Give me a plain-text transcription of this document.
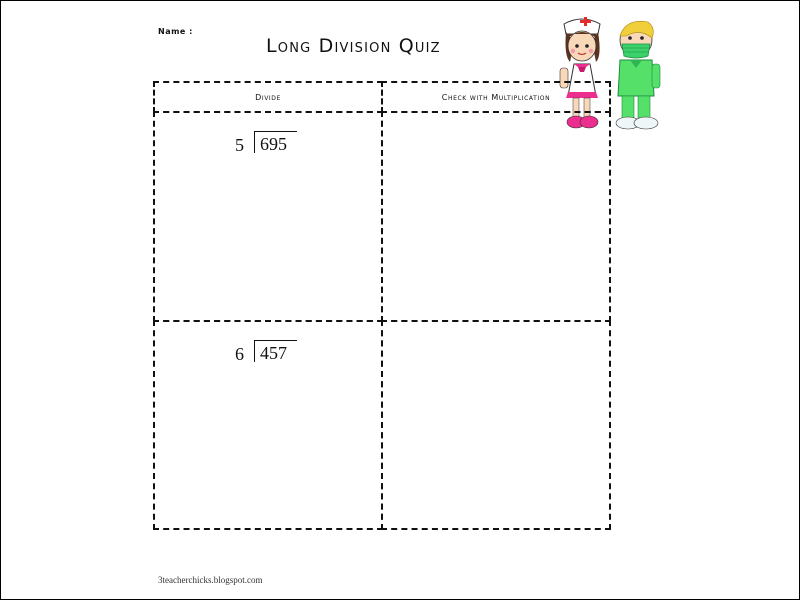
Name :
Long Division Quiz
Divide	Check with Multiplication
5 695
6 457
3teacherchicks.blogspot.com
